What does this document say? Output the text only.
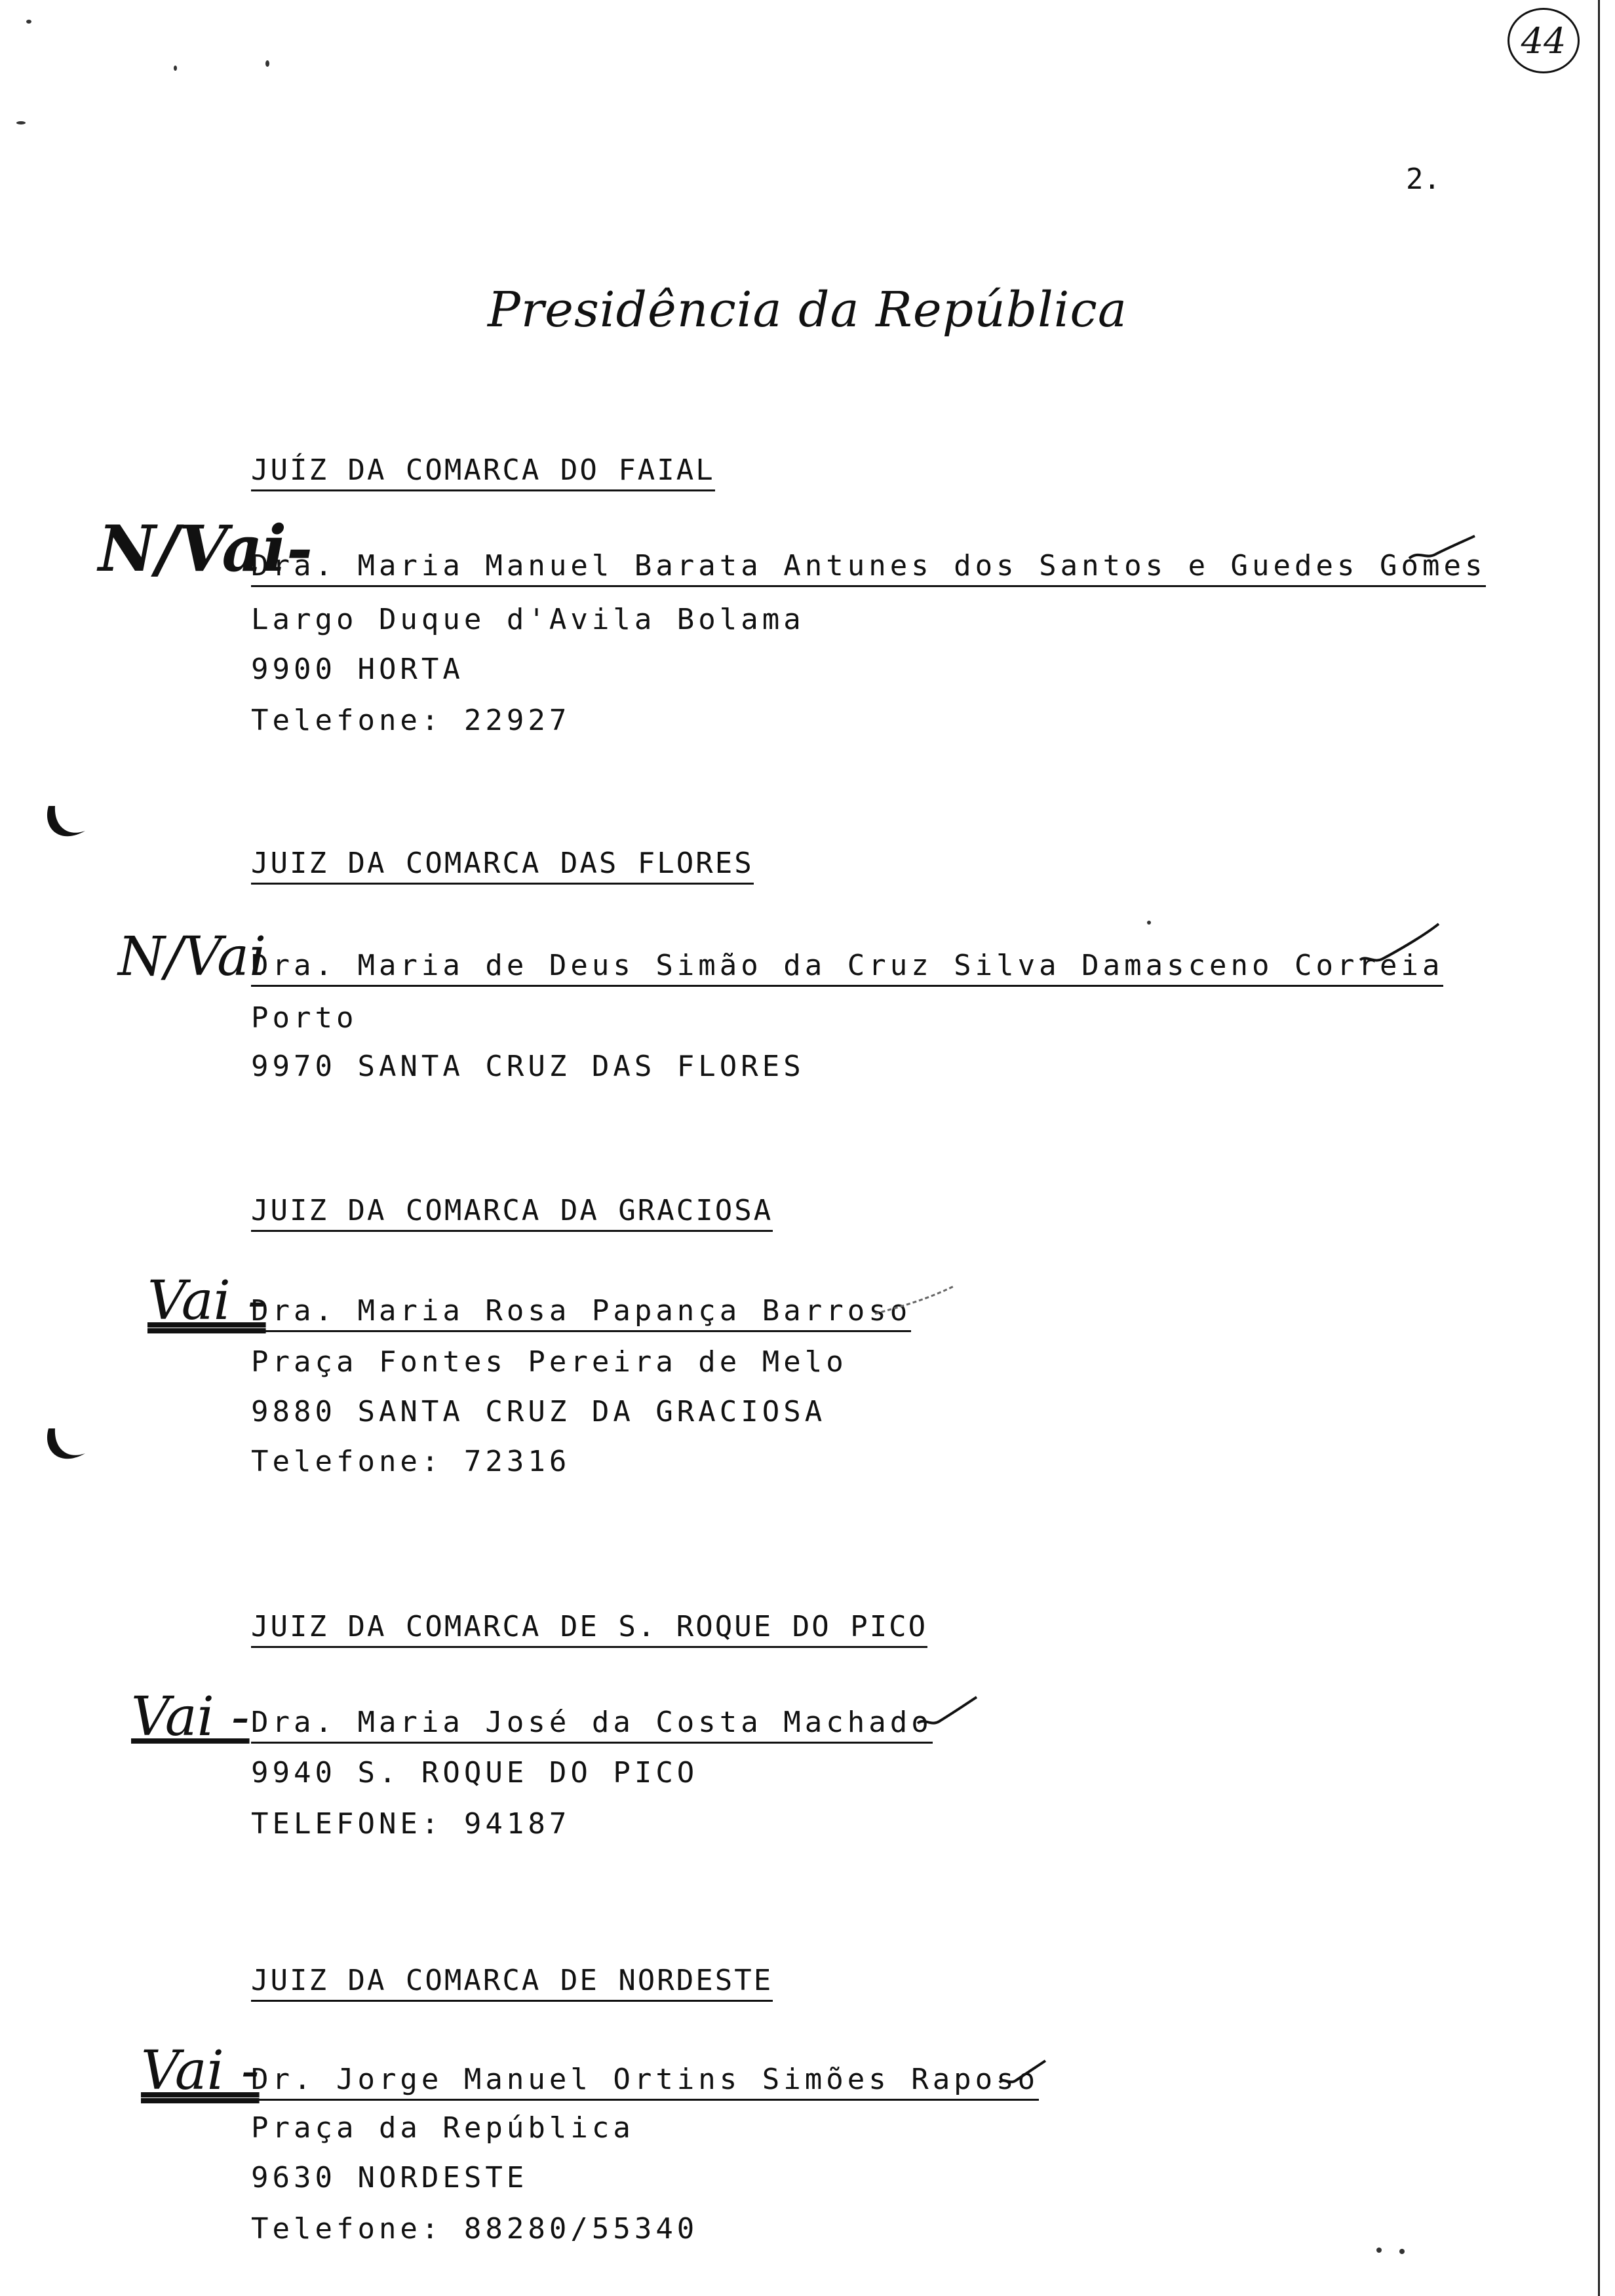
44
2.
Presidência da República
JUÍZ DA COMARCA DO FAIAL
N/Vai-
Dra. Maria Manuel Barata Antunes dos Santos e Guedes Gomes
Largo Duque d'Avila Bolama
9900 HORTA
Telefone: 22927
JUIZ DA COMARCA DAS FLORES
N/Vai
Dra. Maria de Deus Simão da Cruz Silva Damasceno Correia
Porto
9970 SANTA CRUZ DAS FLORES
JUIZ DA COMARCA DA GRACIOSA
Vai -
Dra. Maria Rosa Papança Barroso
Praça Fontes Pereira de Melo
9880 SANTA CRUZ DA GRACIOSA
Telefone: 72316
JUIZ DA COMARCA DE S. ROQUE DO PICO
Vai - Dra. Maria José da Costa Machado
9940 S. ROQUE DO PICO
TELEFONE: 94187
JUIZ DA COMARCA DE NORDESTE
Vai -
Dr. Jorge Manuel Ortins Simões Raposo
Praça da República
9630 NORDESTE
Telefone: 88280/55340
